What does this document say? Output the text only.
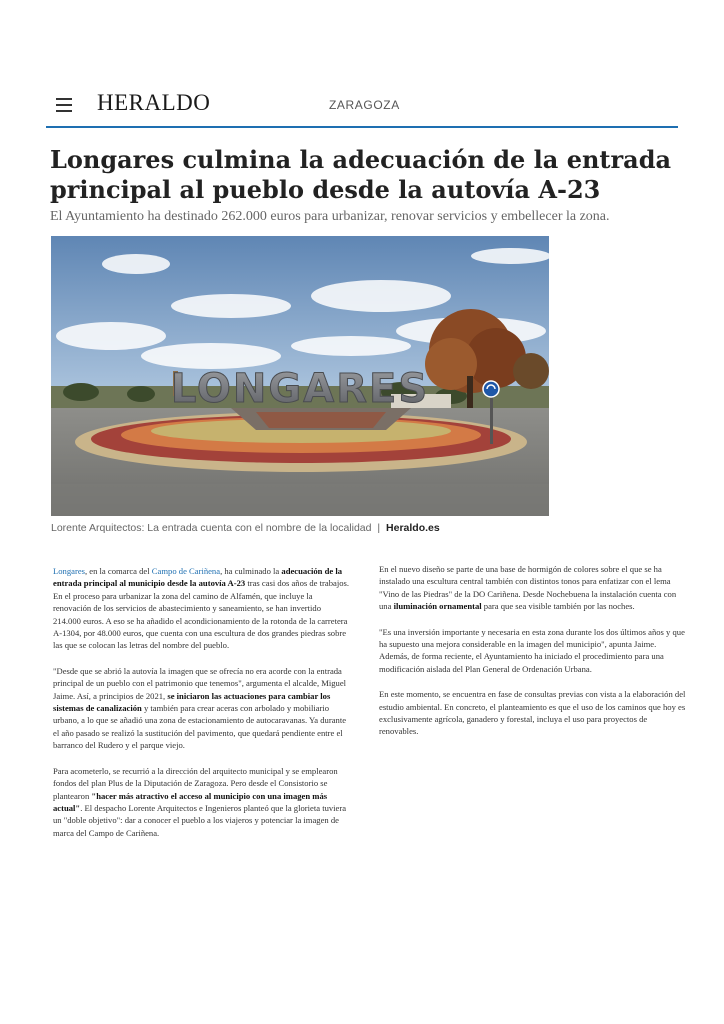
HERALDO	ZARAGOZA
Longares culmina la adecuación de la entrada principal al pueblo desde la autovía A-23

El Ayuntamiento ha destinado 262.000 euros para urbanizar, renovar servicios y embellecer la zona.

LONGARES
Lorente Arquitectos: La entrada cuenta con el nombre de la localidad | Heraldo.es

Longares, en la comarca del Campo de Cariñena, ha culminado la adecuación de la entrada principal al municipio desde la autovía A-23 tras casi dos años de trabajos. En el proceso para urbanizar la zona del camino de Alfamén, que incluye la renovación de los servicios de abastecimiento y saneamiento, se han invertido 214.000 euros. A eso se ha añadido el acondicionamiento de la rotonda de la carretera A-1304, por 48.000 euros, que cuenta con una escultura de dos grandes piedras sobre las que se colocan las letras del nombre del pueblo.

"Desde que se abrió la autovía la imagen que se ofrecía no era acorde con la entrada principal de un pueblo con el patrimonio que tenemos", argumenta el alcalde, Miguel Jaime. Así, a principios de 2021, se iniciaron las actuaciones para cambiar los sistemas de canalización y también para crear aceras con arbolado y mobiliario urbano, a lo que se añadió una zona de estacionamiento de autocaravanas. Ya durante el año pasado se realizó la sustitución del pavimento, que quedará pendiente entre el barranco del Rudero y el parque viejo.

Para acometerlo, se recurrió a la dirección del arquitecto municipal y se emplearon fondos del plan Plus de la Diputación de Zaragoza. Pero desde el Consistorio se plantearon "hacer más atractivo el acceso al municipio con una imagen más actual". El despacho Lorente Arquitectos e Ingenieros planteó que la glorieta tuviera un "doble objetivo": dar a conocer el pueblo a los viajeros y potenciar la imagen de marca del Campo de Cariñena.

En el nuevo diseño se parte de una base de hormigón de colores sobre el que se ha instalado una escultura central también con distintos tonos para enfatizar con el lema "Vino de las Piedras" de la DO Cariñena. Desde Nochebuena la instalación cuenta con una iluminación ornamental para que sea visible también por las noches.

"Es una inversión importante y necesaria en esta zona durante los dos últimos años y que ha supuesto una mejora considerable en la imagen del municipio", apunta Jaime. Además, de forma reciente, el Ayuntamiento ha iniciado el procedimiento para una modificación aislada del Plan General de Ordenación Urbana.

En este momento, se encuentra en fase de consultas previas con vista a la elaboración del estudio ambiental. En concreto, el planteamiento es que el uso de los caminos que hoy es exclusivamente agrícola, ganadero y forestal, incluya el uso para proyectos de renovables.
